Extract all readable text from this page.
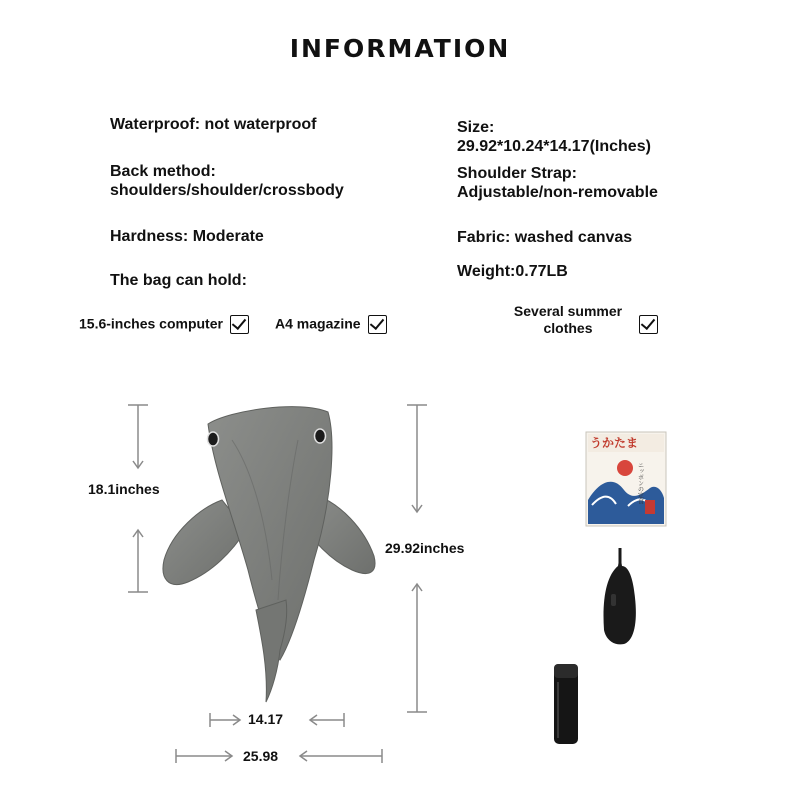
INFORMATION
Waterproof: not waterproof
Back method:
shoulders/shoulder/crossbody
Hardness: Moderate
The bag can hold:
Size:
29.92*10.24*14.17(Inches)
Shoulder Strap:
Adjustable/non-removable
Fabric: washed canvas
Weight:0.77LB
15.6-inches computer	A4 magazine
Several summer
clothes
うかたま
ニッポンの定食
18.1inches
29.92inches
14.17
25.98
